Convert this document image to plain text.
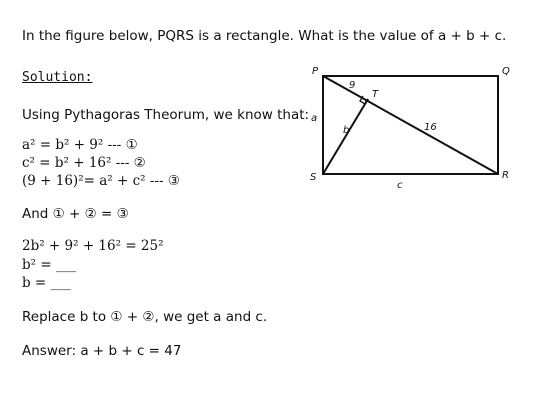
In the figure below, PQRS is a rectangle. What is the value of a + b + c.
Solution:
Using Pythagoras Theorum, we know that:
a² = b² + 9² --- ①
c² = b² + 16² --- ②
(9 + 16)²= a² + c² --- ③
And ① + ② = ③
2b² + 9² + 16² = 25²
b² = ___
b = ___
Replace b to ① + ②, we get a and c.
Answer: a + b + c = 47
P	Q
R
S
T
9
16
a
b
c
